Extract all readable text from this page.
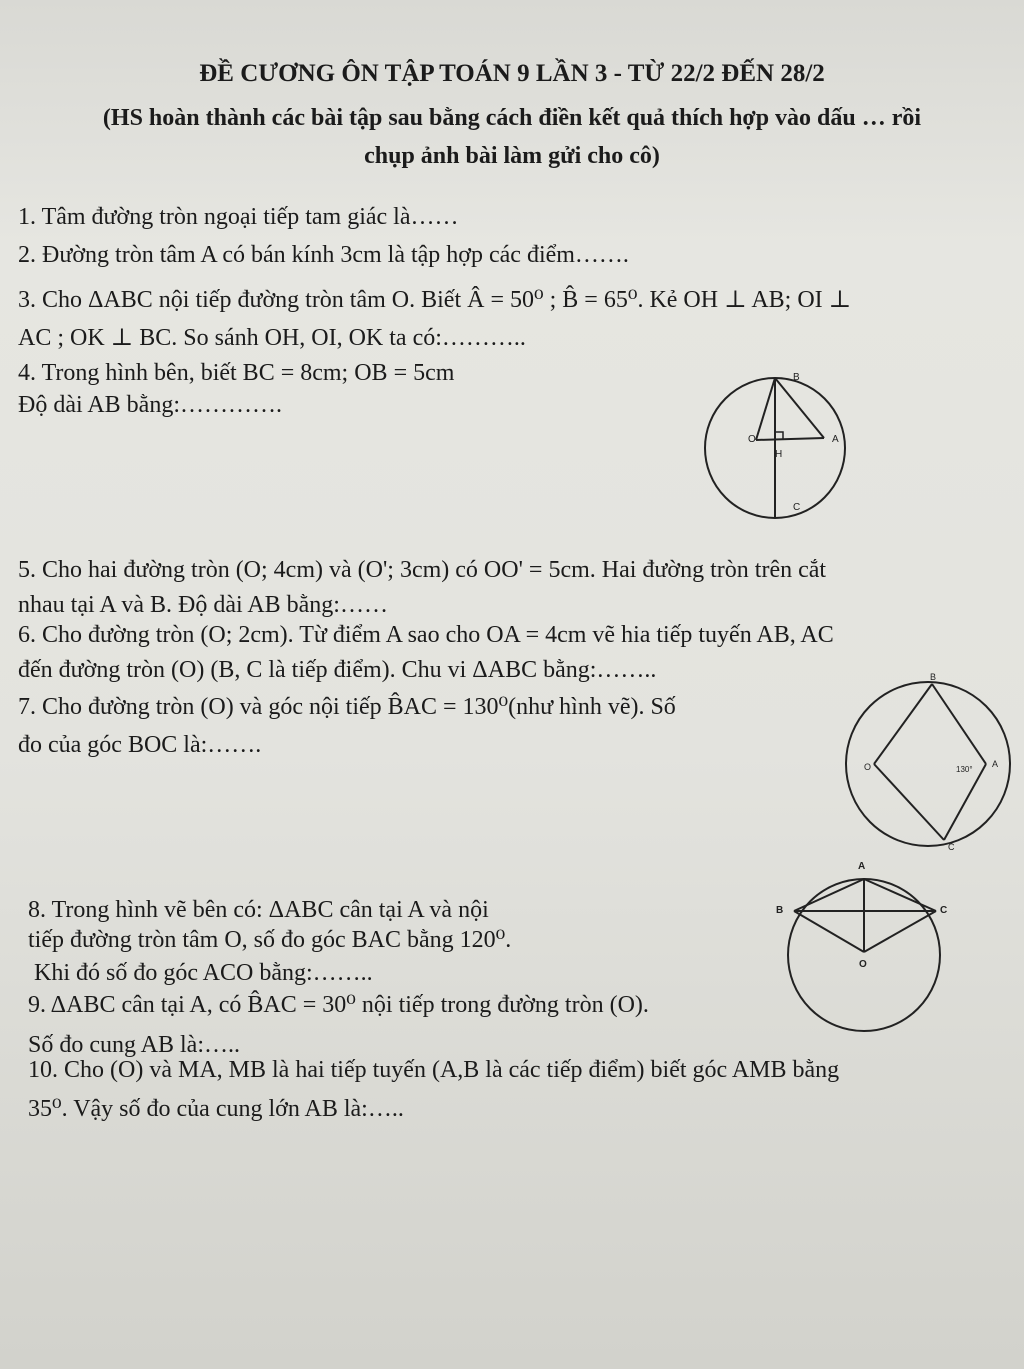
ĐỀ CƯƠNG ÔN TẬP TOÁN 9 LẦN 3 - TỪ 22/2 ĐẾN 28/2
(HS hoàn thành các bài tập sau bằng cách điền kết quả thích hợp vào dấu … rồi
chụp ảnh bài làm gửi cho cô)
1. Tâm đường tròn ngoại tiếp tam giác là……
2. Đường tròn tâm A có bán kính 3cm là tập hợp các điểm…….
3. Cho ΔABC nội tiếp đường tròn tâm O. Biết Â = 50⁰ ; B̂ = 65⁰. Kẻ OH ⊥ AB; OI ⊥
AC ; OK ⊥ BC. So sánh OH, OI, OK ta có:………..
4. Trong hình bên, biết BC = 8cm; OB = 5cm
Độ dài AB bằng:………….
B
O	A
H
C
5. Cho hai đường tròn (O; 4cm) và (O'; 3cm) có OO' = 5cm. Hai đường tròn trên cắt
nhau tại A và B. Độ dài AB bằng:……
6. Cho đường tròn (O; 2cm). Từ điểm A sao cho OA = 4cm vẽ hia tiếp tuyến AB, AC
đến đường tròn (O) (B, C là tiếp điểm). Chu vi ΔABC bằng:……..
7. Cho đường tròn (O) và góc nội tiếp B̂AC = 130⁰(như hình vẽ). Số
đo của góc BOC là:…….
B
O	A
C
130°
8. Trong hình vẽ bên có: ΔABC cân tại A và nội
tiếp đường tròn tâm O, số đo góc BAC bằng 120⁰.
Khi đó số đo góc ACO bằng:……..
A
B	C
O
9. ΔABC cân tại A, có B̂AC = 30⁰ nội tiếp trong đường tròn (O).
Số đo cung AB là:…..
10. Cho (O) và MA, MB là hai tiếp tuyến (A,B là các tiếp điểm) biết góc AMB bằng
35⁰. Vậy số đo của cung lớn AB là:…..
